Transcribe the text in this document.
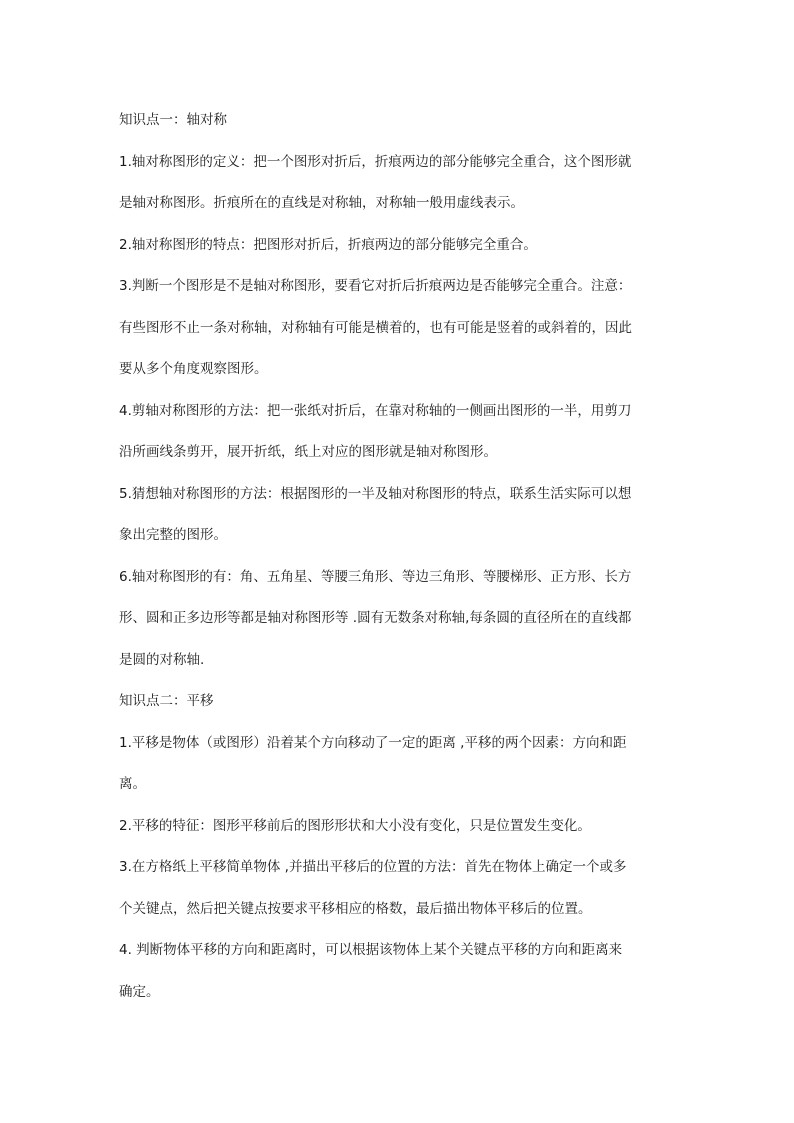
知识点一：轴对称

1.轴对称图形的定义：把一个图形对折后，折痕两边的部分能够完全重合，这个图形就
是轴对称图形。折痕所在的直线是对称轴，对称轴一般用虚线表示。

2.轴对称图形的特点：把图形对折后，折痕两边的部分能够完全重合。

3.判断一个图形是不是轴对称图形，要看它对折后折痕两边是否能够完全重合。注意：
有些图形不止一条对称轴，对称轴有可能是横着的，也有可能是竖着的或斜着的，因此
要从多个角度观察图形。

4.剪轴对称图形的方法：把一张纸对折后，在靠对称轴的一侧画出图形的一半，用剪刀
沿所画线条剪开，展开折纸，纸上对应的图形就是轴对称图形。

5.猜想轴对称图形的方法：根据图形的一半及轴对称图形的特点，联系生活实际可以想
象出完整的图形。

6.轴对称图形的有：角、五角星、等腰三角形、等边三角形、等腰梯形、正方形、长方
形、圆和正多边形等都是轴对称图形等 .圆有无数条对称轴,每条圆的直径所在的直线都
是圆的对称轴.

知识点二：平移

1.平移是物体（或图形）沿着某个方向移动了一定的距离 ,平移的两个因素：方向和距
离。

2.平移的特征：图形平移前后的图形形状和大小没有变化，只是位置发生变化。

3.在方格纸上平移简单物体 ,并描出平移后的位置的方法：首先在物体上确定一个或多
个关键点，然后把关键点按要求平移相应的格数，最后描出物体平移后的位置。

4. 判断物体平移的方向和距离时，可以根据该物体上某个关键点平移的方向和距离来
确定。
